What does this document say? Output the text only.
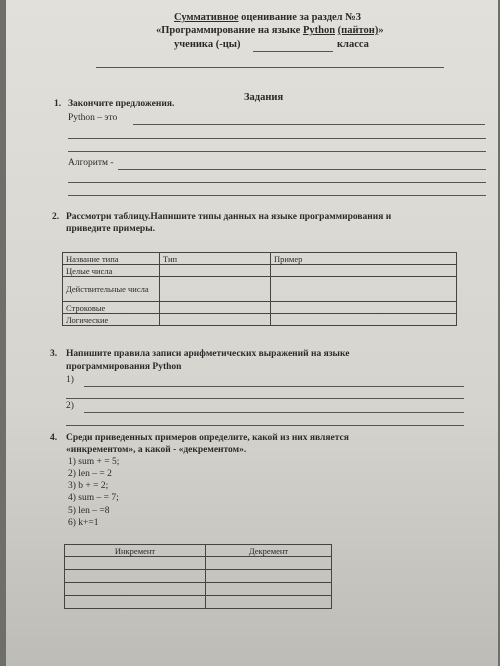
Суммативное оценивание за раздел №3
«Программирование на языке Python (пайтон)»
ученика (-цы)	класса
Задания
1. Закончите предложения.
Python – это
Алгоритм -
2. Рассмотри таблицу.Напишите типы данных на языке программирования и
приведите примеры.
Название типа	Тип	Пример
Целые числа		
Действительные числа		
Строковые		
Логические		
3. Напишите правила записи арифметических выражений на языке
программирования Python
1)
2)
4. Среди приведенных примеров определите, какой из них является
«инкрементом», а какой - «декрементом».
1) sum + = 5;
2) len – = 2
3) b + = 2;
4) sum – = 7;
5) len – =8
6) k+=1
Инкремент	Декремент
